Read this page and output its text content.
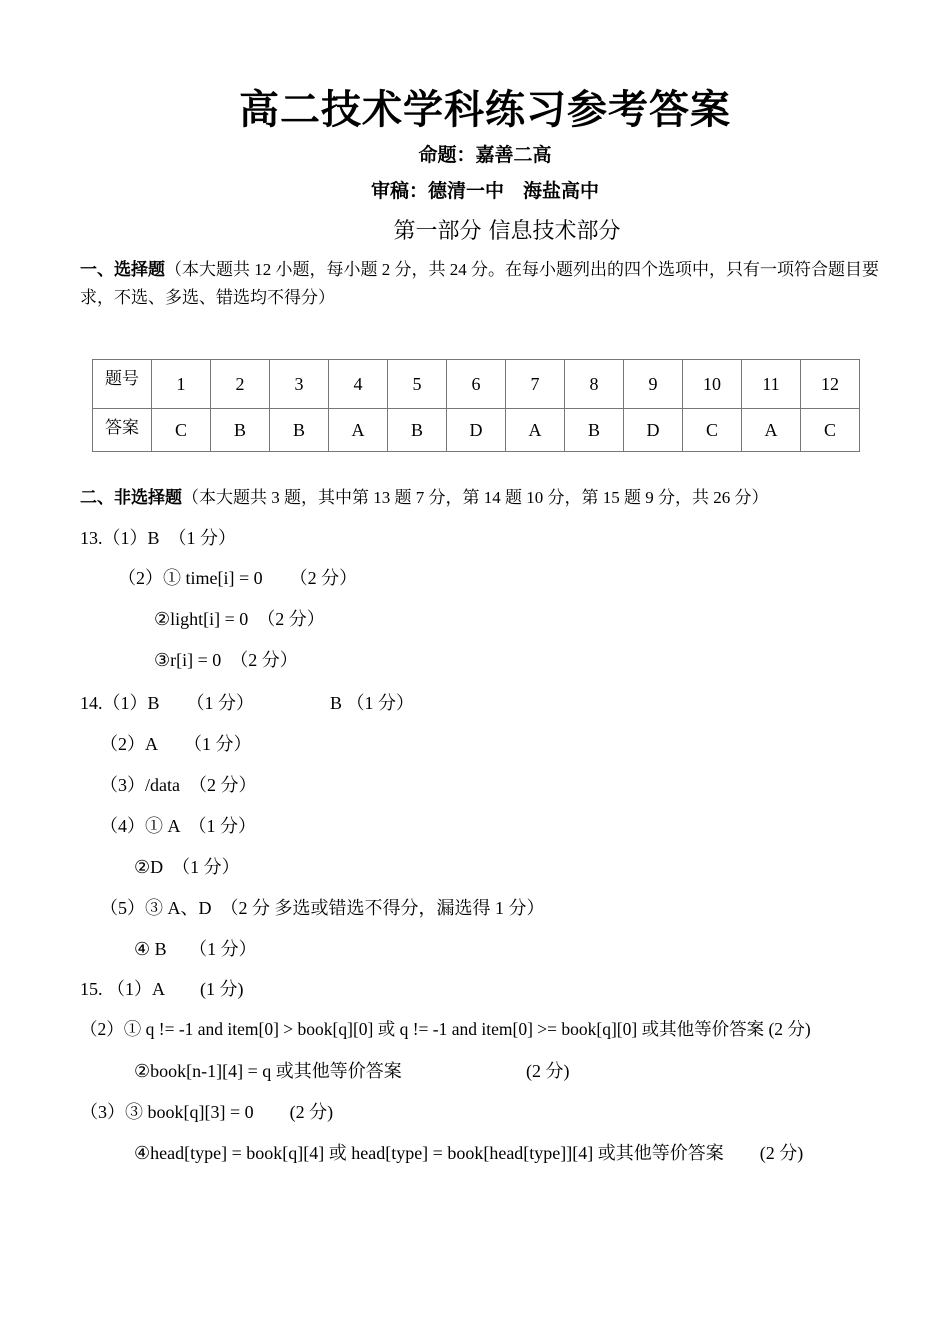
高二技术学科练习参考答案
命题：嘉善二高
审稿：德清一中　海盐高中
第一部分 信息技术部分
一、选择题（本大题共 12 小题，每小题 2 分，共 24 分。在每小题列出的四个选项中，只有一项符合题目要求，不选、多选、错选均不得分）
题号	1	2	3	4	5	6	7	8	9	10	11	12
答案	C	B	B	A	B	D	A	B	D	C	A	C
二、非选择题（本大题共 3 题，其中第 13 题 7 分，第 14 题 10 分，第 15 题 9 分，共 26 分）
13.（1）B　（1 分）
（2）① time[i] = 0　　（2 分）
②light[i] = 0　（2 分）
③r[i] = 0　（2 分）
14.（1）B　　（1 分）	B （1 分）
（2）A　　（1 分）
（3）/data　（2 分）
（4）① A　（1 分）
②D　（1 分）
（5）③ A、D　（2 分 多选或错选不得分，漏选得 1 分）
④ B　 （1 分）
15. （1）A　　(1 分)
（2）① q != -1 and item[0] > book[q][0] 或 q != -1 and item[0] >= book[q][0] 或其他等价答案 (2 分)
②book[n-1][4] = q 或其他等价答案	(2 分)
（3）③ book[q][3] = 0　　(2 分)
④head[type] = book[q][4] 或 head[type] = book[head[type]][4] 或其他等价答案　　(2 分)
